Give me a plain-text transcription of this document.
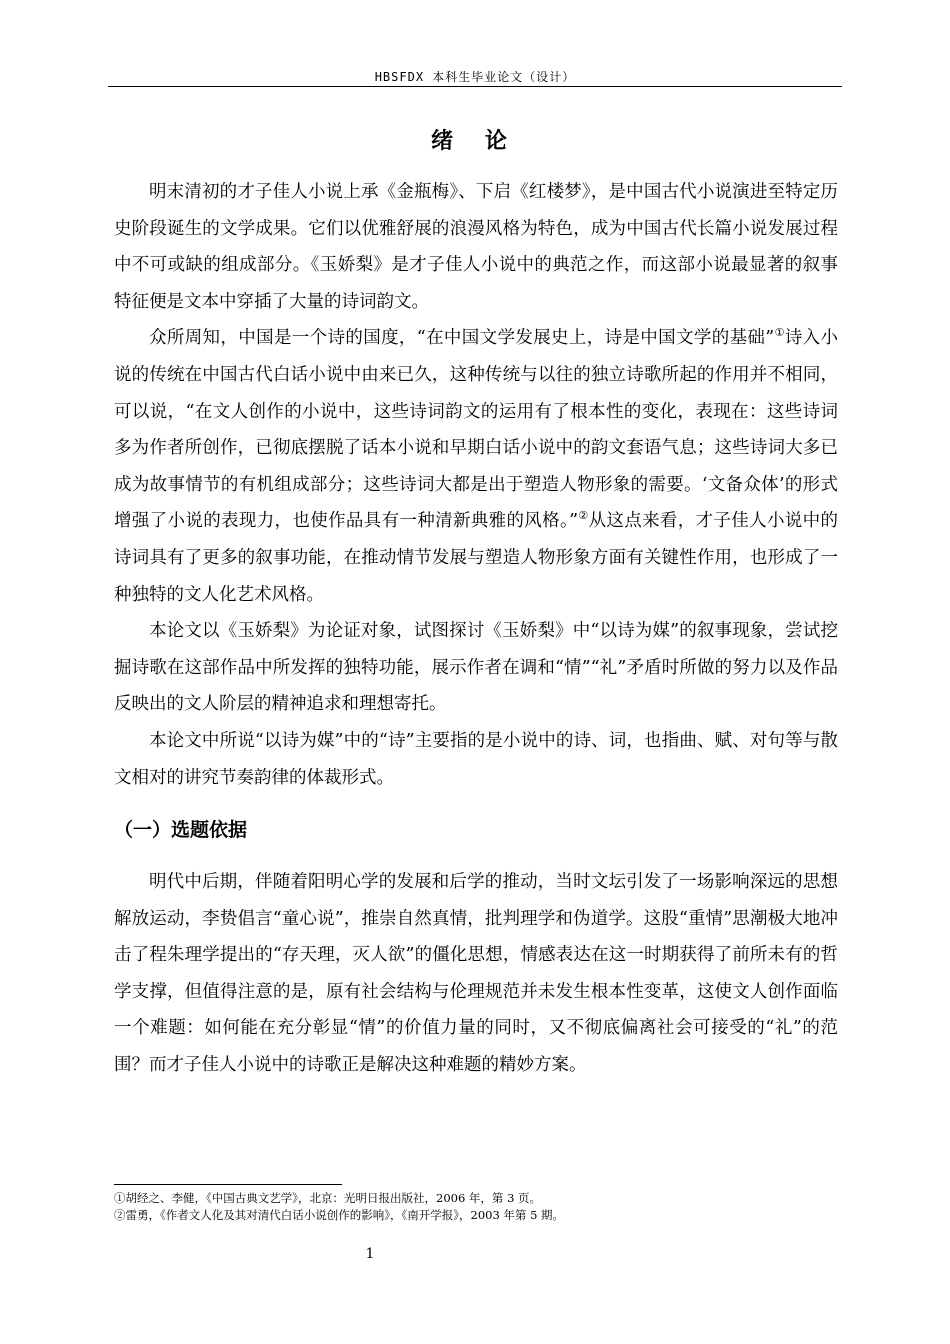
HBSFDX 本科生毕业论文（设计）
绪 论

明末清初的才子佳人小说上承《金瓶梅》、下启《红楼梦》，是中国古代小说演进至特定历史阶段诞生的文学成果。它们以优雅舒展的浪漫风格为特色，成为中国古代长篇小说发展过程中不可或缺的组成部分。《玉娇梨》是才子佳人小说中的典范之作，而这部小说最显著的叙事特征便是文本中穿插了大量的诗词韵文。

众所周知，中国是一个诗的国度，“在中国文学发展史上，诗是中国文学的基础”①诗入小说的传统在中国古代白话小说中由来已久，这种传统与以往的独立诗歌所起的作用并不相同，可以说，“在文人创作的小说中，这些诗词韵文的运用有了根本性的变化，表现在：这些诗词多为作者所创作，已彻底摆脱了话本小说和早期白话小说中的韵文套语气息；这些诗词大多已成为故事情节的有机组成部分；这些诗词大都是出于塑造人物形象的需要。‘文备众体’的形式增强了小说的表现力，也使作品具有一种清新典雅的风格。”②从这点来看，才子佳人小说中的诗词具有了更多的叙事功能，在推动情节发展与塑造人物形象方面有关键性作用，也形成了一种独特的文人化艺术风格。

本论文以《玉娇梨》为论证对象，试图探讨《玉娇梨》中“以诗为媒”的叙事现象，尝试挖掘诗歌在这部作品中所发挥的独特功能，展示作者在调和“情”“礼”矛盾时所做的努力以及作品反映出的文人阶层的精神追求和理想寄托。

本论文中所说“以诗为媒”中的“诗”主要指的是小说中的诗、词，也指曲、赋、对句等与散文相对的讲究节奏韵律的体裁形式。

（一）选题依据

明代中后期，伴随着阳明心学的发展和后学的推动，当时文坛引发了一场影响深远的思想解放运动，李贽倡言“童心说”，推崇自然真情，批判理学和伪道学。这股“重情”思潮极大地冲击了程朱理学提出的“存天理，灭人欲”的僵化思想，情感表达在这一时期获得了前所未有的哲学支撑，但值得注意的是，原有社会结构与伦理规范并未发生根本性变革，这使文人创作面临一个难题：如何能在充分彰显“情”的价值力量的同时，又不彻底偏离社会可接受的“礼”的范围？而才子佳人小说中的诗歌正是解决这种难题的精妙方案。

①胡经之、李健，《中国古典文艺学》，北京：光明日报出版社，2006 年，第 3 页。
②雷勇，《作者文人化及其对清代白话小说创作的影响》，《南开学报》，2003 年第 5 期。
1
